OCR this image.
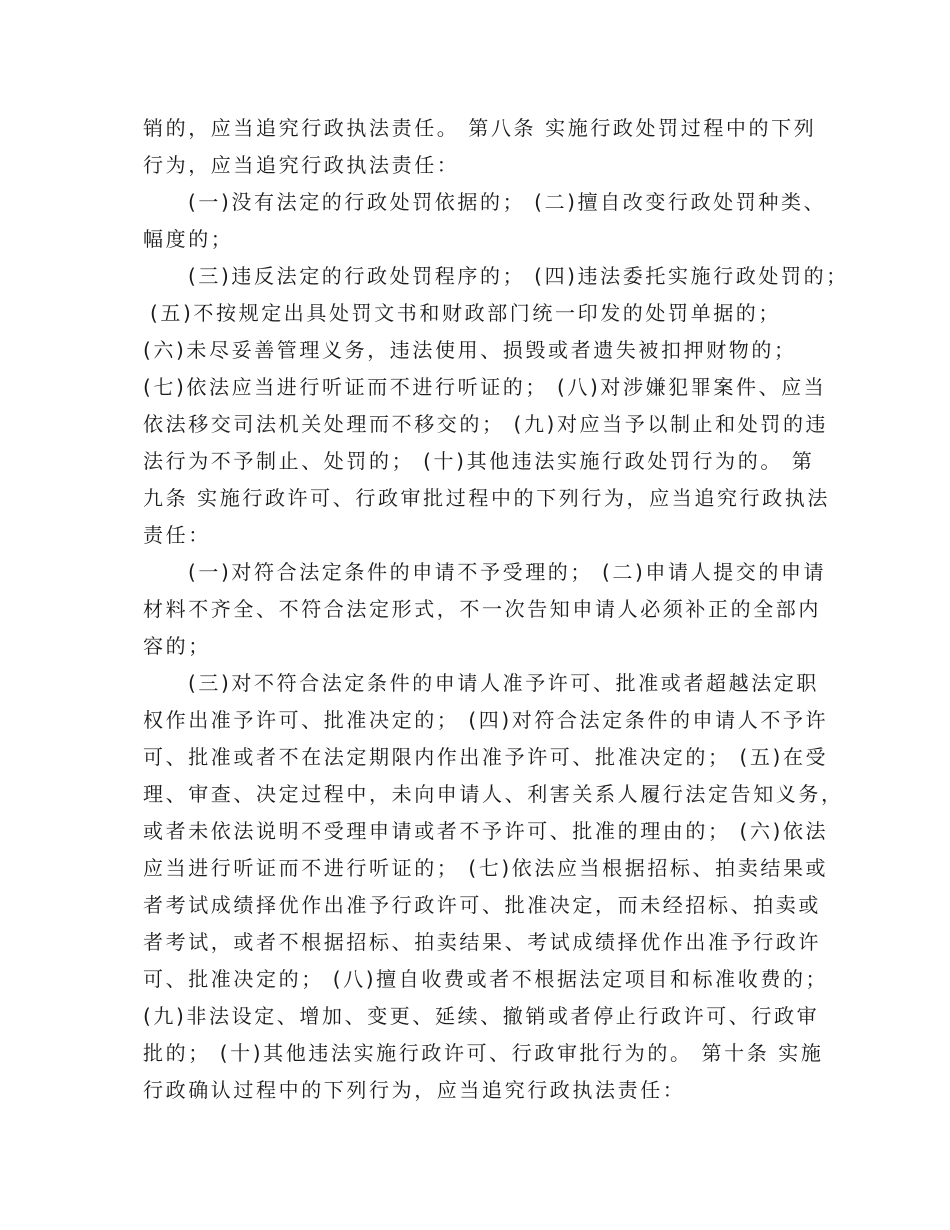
销的，应当追究行政执法责任。 第八条 实施行政处罚过程中的下列
行为，应当追究行政执法责任：
(一)没有法定的行政处罚依据的； (二)擅自改变行政处罚种类、
幅度的；
(三)违反法定的行政处罚程序的； (四)违法委托实施行政处罚的；
(五)不按规定出具处罚文书和财政部门统一印发的处罚单据的；
(六)未尽妥善管理义务，违法使用、损毁或者遗失被扣押财物的；
(七)依法应当进行听证而不进行听证的； (八)对涉嫌犯罪案件、应当
依法移交司法机关处理而不移交的； (九)对应当予以制止和处罚的违
法行为不予制止、处罚的； (十)其他违法实施行政处罚行为的。 第
九条 实施行政许可、行政审批过程中的下列行为，应当追究行政执法
责任：
(一)对符合法定条件的申请不予受理的； (二)申请人提交的申请
材料不齐全、不符合法定形式，不一次告知申请人必须补正的全部内
容的；
(三)对不符合法定条件的申请人准予许可、批准或者超越法定职
权作出准予许可、批准决定的； (四)对符合法定条件的申请人不予许
可、批准或者不在法定期限内作出准予许可、批准决定的； (五)在受
理、审查、决定过程中，未向申请人、利害关系人履行法定告知义务，
或者未依法说明不受理申请或者不予许可、批准的理由的； (六)依法
应当进行听证而不进行听证的； (七)依法应当根据招标、拍卖结果或
者考试成绩择优作出准予行政许可、批准决定，而未经招标、拍卖或
者考试，或者不根据招标、拍卖结果、考试成绩择优作出准予行政许
可、批准决定的； (八)擅自收费或者不根据法定项目和标准收费的；
(九)非法设定、增加、变更、延续、撤销或者停止行政许可、行政审
批的； (十)其他违法实施行政许可、行政审批行为的。 第十条 实施
行政确认过程中的下列行为，应当追究行政执法责任：
